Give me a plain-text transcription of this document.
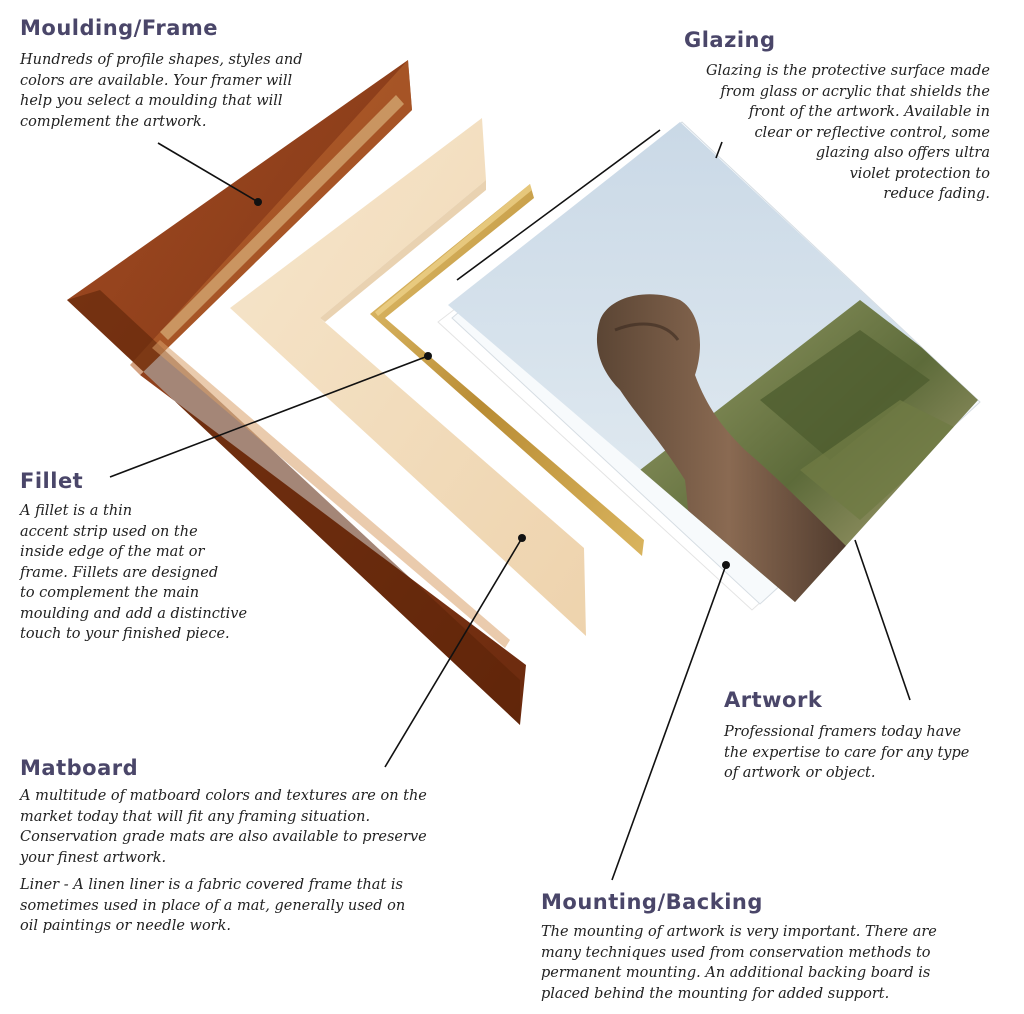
Moulding/Frame

Hundreds of profile shapes, styles and
colors are available. Your framer will
help you select a moulding that will
complement the artwork.

Glazing

Glazing is the protective surface made
from glass or acrylic that shields the
front of the artwork. Available in
clear or reflective control, some
glazing also offers ultra
violet protection to
reduce fading.

Fillet

A fillet is a thin
accent strip used on the
inside edge of the mat or
frame. Fillets are designed
to complement the main
moulding and add a distinctive
touch to your finished piece.

Artwork

Professional framers today have
the expertise to care for any type
of artwork or object.

Matboard

A multitude of matboard colors and textures are on the
market today that will fit any framing situation.
Conservation grade mats are also available to preserve
your finest artwork.

Liner - A linen liner is a fabric covered frame that is
sometimes used in place of a mat, generally used on
oil paintings or needle work.

Mounting/Backing

The mounting of artwork is very important. There are
many techniques used from conservation methods to
permanent mounting. An additional backing board is
placed behind the mounting for added support.
